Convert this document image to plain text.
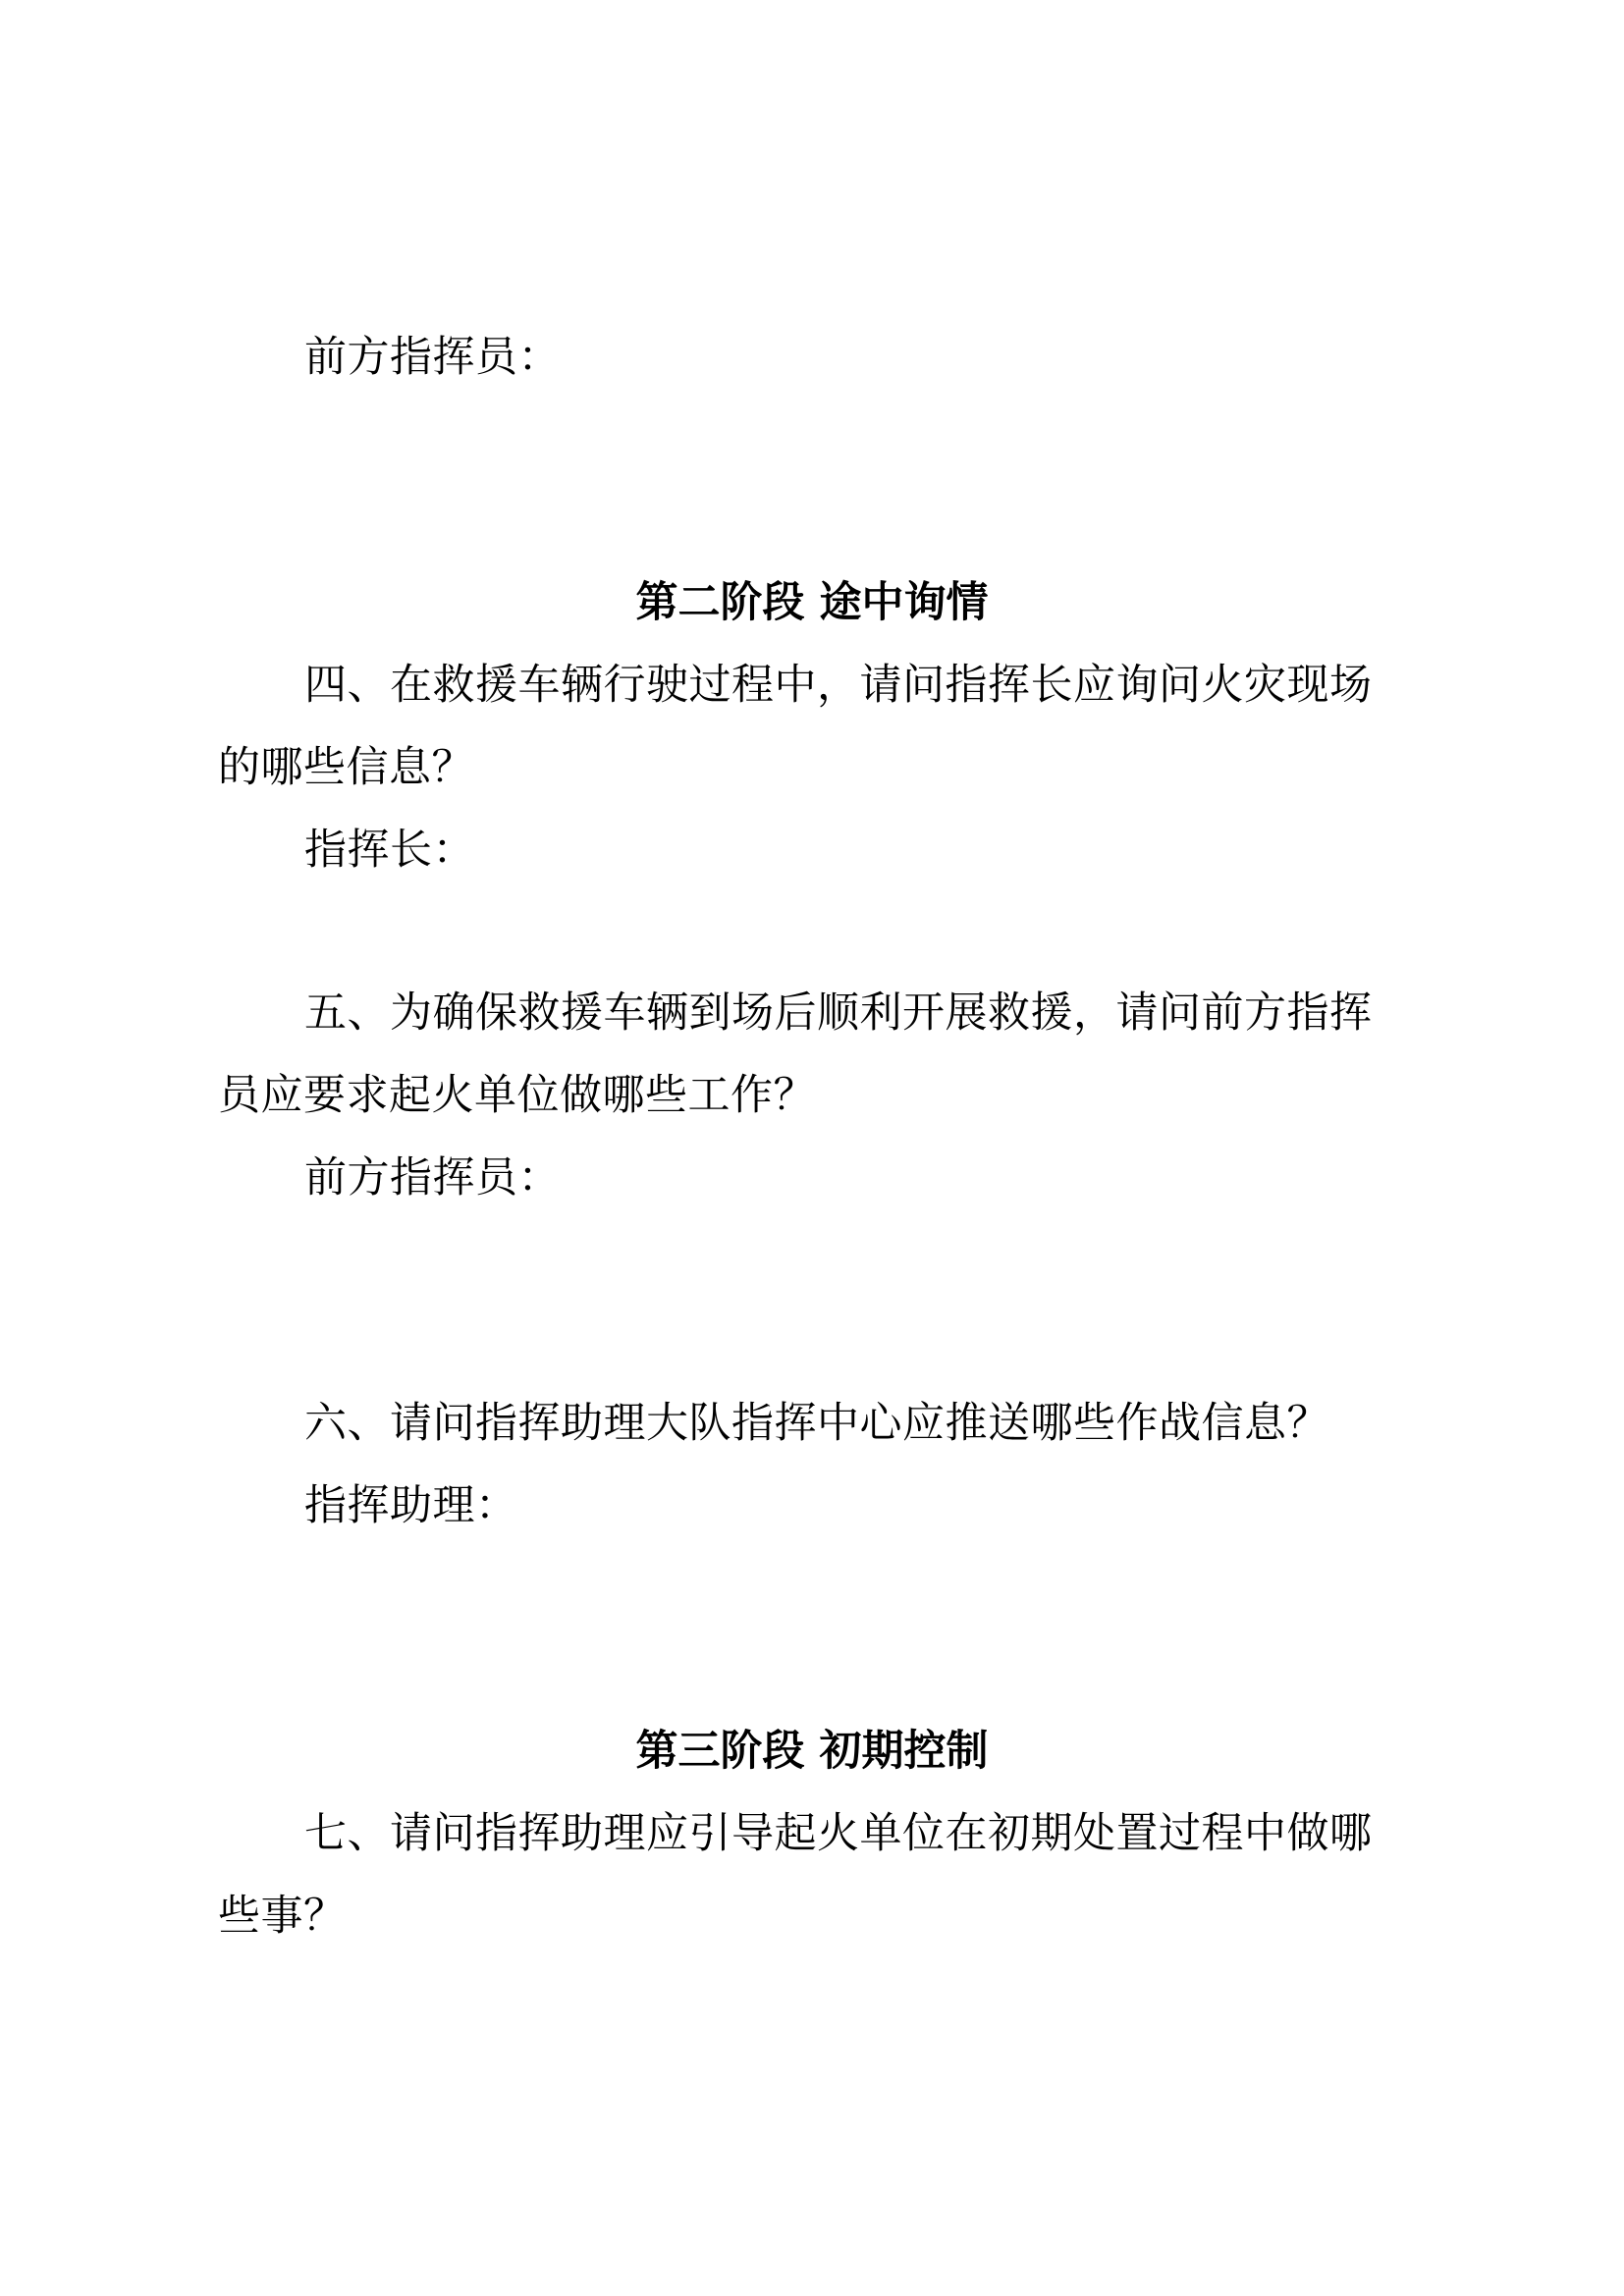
前方指挥员：
第二阶段 途中询情
四、在救援车辆行驶过程中，请问指挥长应询问火灾现场
的哪些信息？
指挥长：
五、为确保救援车辆到场后顺利开展救援，请问前方指挥
员应要求起火单位做哪些工作？
前方指挥员：
六、请问指挥助理大队指挥中心应推送哪些作战信息？
指挥助理：
第三阶段 初期控制
七、请问指挥助理应引导起火单位在初期处置过程中做哪
些事？
